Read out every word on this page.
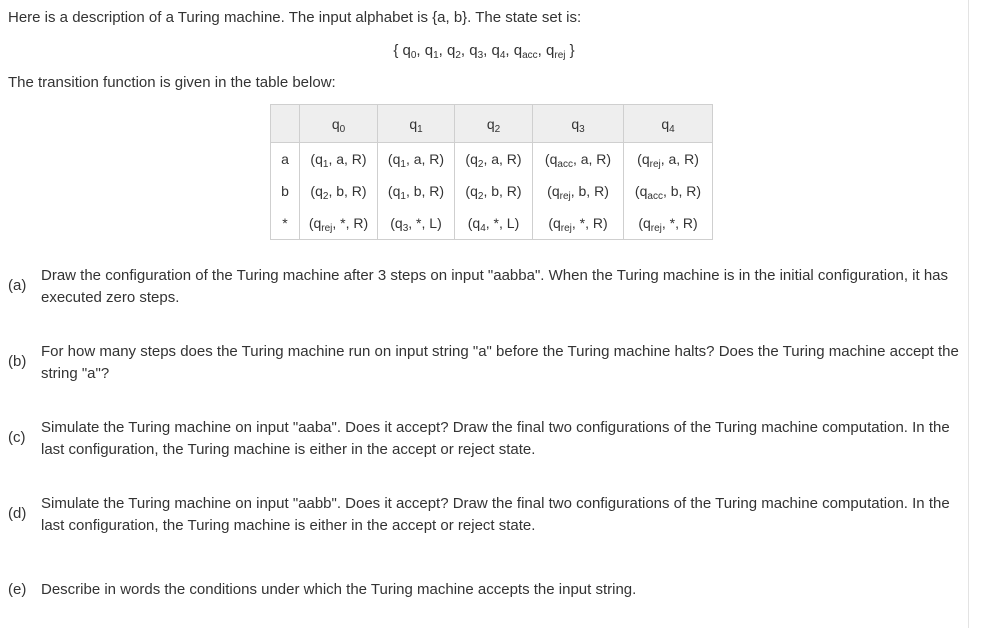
Here is a description of a Turing machine. The input alphabet is {a, b}. The state set is:
{ $q_0$, $q_1$, $q_2$, $q_3$, $q_4$, $q_{acc}$, $q_{rej}$ }
The transition function is given in the table below:
	$q_0$	$q_1$	$q_2$	$q_3$	$q_4$
a	($q_1$, a, R)	($q_1$, a, R)	($q_2$, a, R)	($q_{acc}$, a, R)	($q_{rej}$, a, R)
b	($q_2$, b, R)	($q_1$, b, R)	($q_2$, b, R)	($q_{rej}$, b, R)	($q_{acc}$, b, R)
*	($q_{rej}$, *, R)	($q_3$, *, L)	($q_4$, *, L)	($q_{rej}$, *, R)	($q_{rej}$, *, R)
(a)
Draw the configuration of the Turing machine after 3 steps on input "aabba". When the Turing machine is in the initial configuration, it has executed zero steps.
(b)
For how many steps does the Turing machine run on input string "a" before the Turing machine halts? Does the Turing machine accept the string "a"?
(c)
Simulate the Turing machine on input "aaba". Does it accept? Draw the final two configurations of the Turing machine computation. In the last configuration, the Turing machine is either in the accept or reject state.
(d)
Simulate the Turing machine on input "aabb". Does it accept? Draw the final two configurations of the Turing machine computation. In the last configuration, the Turing machine is either in the accept or reject state.
(e) Describe in words the conditions under which the Turing machine accepts the input string.
